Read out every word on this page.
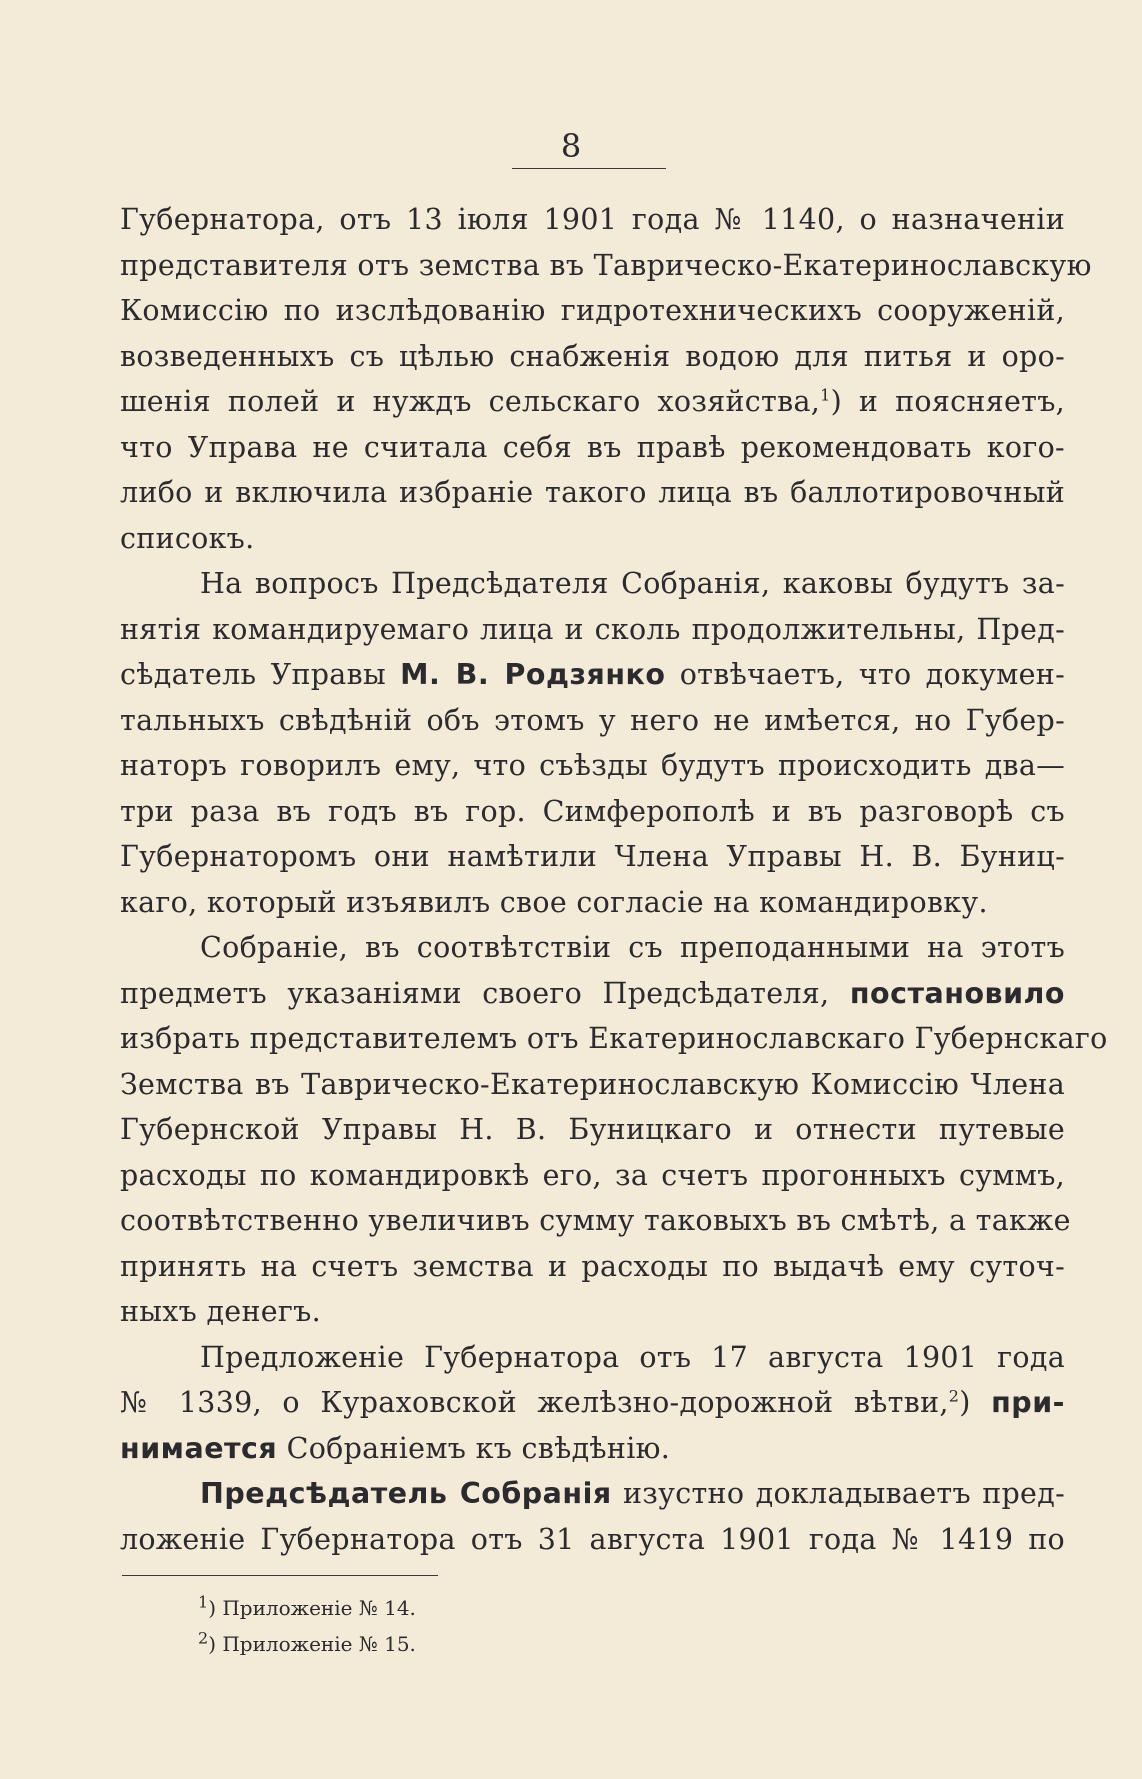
8
Губернатора, отъ 13 іюля 1901 года № 1140, о назначеніи
представителя отъ земства въ Таврическо-Екатеринославскую
Комиссію по изслѣдованію гидротехническихъ сооруженій,
возведенныхъ съ цѣлью снабженія водою для питья и оро-
шенія полей и нуждъ сельскаго хозяйства,$^1$) и поясняетъ,
что Управа не считала себя въ правѣ рекомендовать кого-
либо и включила избраніе такого лица въ баллотировочный
списокъ.
На вопросъ Предсѣдателя Собранія, каковы будутъ за-
нятія командируемаго лица и сколь продолжительны, Пред-
сѣдатель Управы М. В. Родзянко отвѣчаетъ, что докумен-
тальныхъ свѣдѣній объ этомъ у него не имѣется, но Губер-
наторъ говорилъ ему, что съѣзды будутъ происходить два—
три раза въ годъ въ гор. Симферополѣ и въ разговорѣ съ
Губернаторомъ они намѣтили Члена Управы Н. В. Буниц-
каго, который изъявилъ свое согласіе на командировку.
Собраніе, въ соотвѣтствіи съ преподанными на этотъ
предметъ указаніями своего Предсѣдателя, постановило
избрать представителемъ отъ Екатеринославскаго Губернскаго
Земства въ Таврическо-Екатеринославскую Комиссію Члена
Губернской Управы Н. В. Буницкаго и отнести путевые
расходы по командировкѣ его, за счетъ прогонныхъ суммъ,
соотвѣтственно увеличивъ сумму таковыхъ въ смѣтѣ, а также
принять на счетъ земства и расходы по выдачѣ ему суточ-
ныхъ денегъ.
Предложеніе Губернатора отъ 17 августа 1901 года
№ 1339, о Кураховской желѣзно-дорожной вѣтви,$^2$) при-
нимается Собраніемъ къ свѣдѣнію.
Предсѣдатель Собранія изустно докладываетъ пред-
ложеніе Губернатора отъ 31 августа 1901 года № 1419 по
$^1$) Приложеніе № 14.
$^2$) Приложеніе № 15.
